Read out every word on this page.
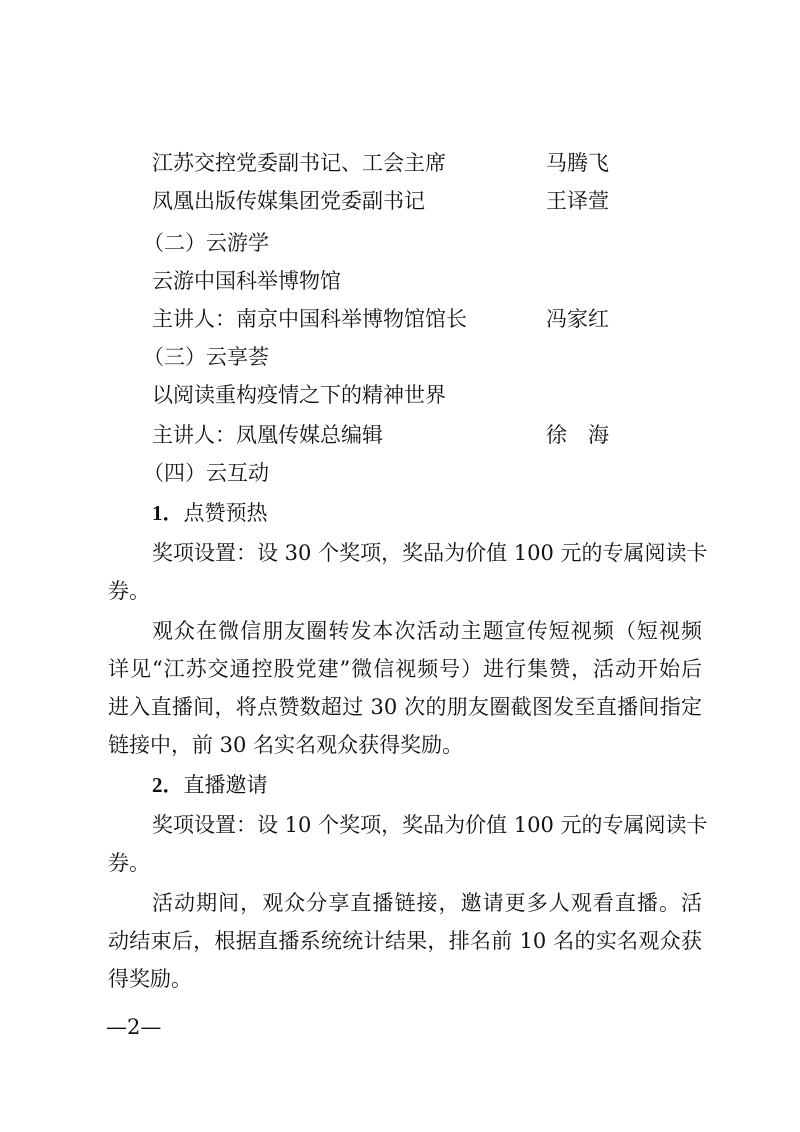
江苏交控党委副书记、工会主席	马腾飞
凤凰出版传媒集团党委副书记	王译萱
（二）云游学
云游中国科举博物馆
主讲人：南京中国科举博物馆馆长	冯家红
（三）云享荟
以阅读重构疫情之下的精神世界
主讲人：凤凰传媒总编辑	徐　海
（四）云互动
1．点赞预热
奖项设置：设 30 个奖项，奖品为价值 100 元的专属阅读卡
券。
观众在微信朋友圈转发本次活动主题宣传短视频（短视频
详见“江苏交通控股党建”微信视频号）进行集赞，活动开始后
进入直播间，将点赞数超过 30 次的朋友圈截图发至直播间指定
链接中，前 30 名实名观众获得奖励。
2．直播邀请
奖项设置：设 10 个奖项，奖品为价值 100 元的专属阅读卡
券。
活动期间，观众分享直播链接，邀请更多人观看直播。活
动结束后，根据直播系统统计结果，排名前 10 名的实名观众获
得奖励。
—2—
